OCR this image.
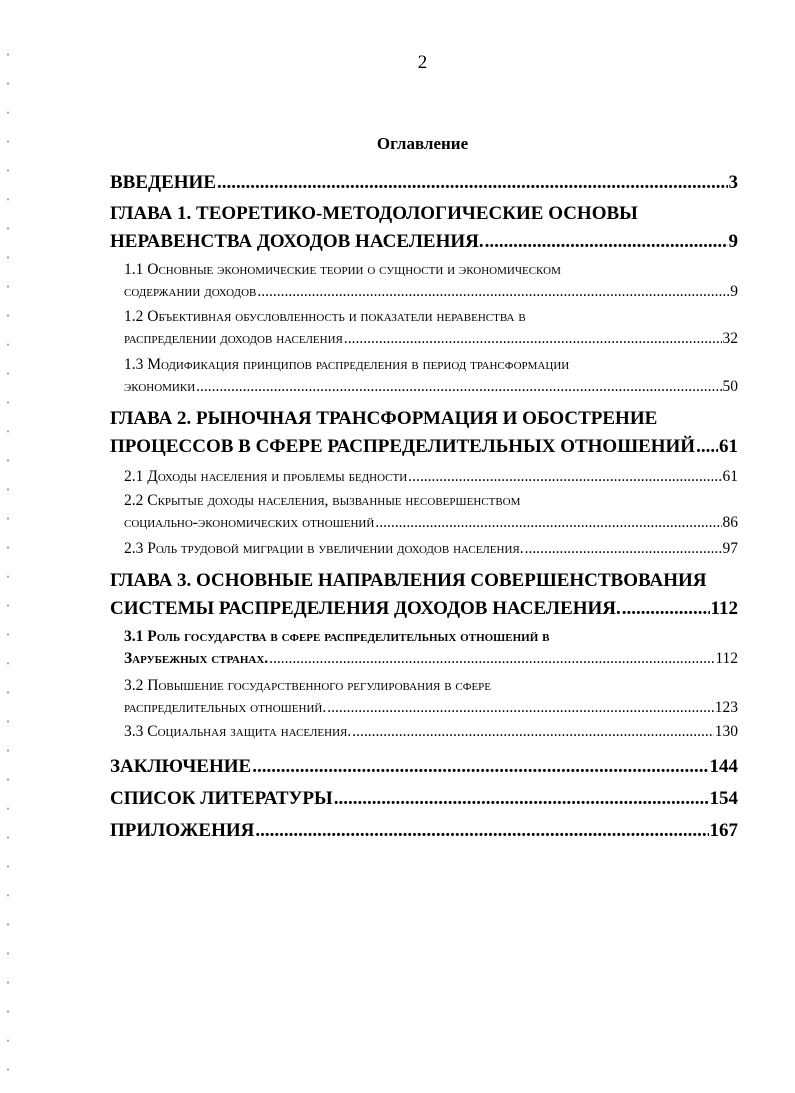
2
Оглавление
ВВЕДЕНИЕ .....	3
ГЛАВА 1. ТЕОРЕТИКО-МЕТОДОЛОГИЧЕСКИЕ ОСНОВЫ
НЕРАВЕНСТВА ДОХОДОВ НАСЕЛЕНИЯ. .....	9
1.1 Основные экономические теории о сущности и экономическом
содержании доходов .....	9
1.2 Объективная обусловленность и показатели неравенства в
распределении доходов населения .....	32
1.3 Модификация принципов распределения в период трансформации
экономики .....	50
ГЛАВА 2. РЫНОЧНАЯ ТРАНСФОРМАЦИЯ И ОБОСТРЕНИЕ
ПРОЦЕССОВ В СФЕРЕ РАСПРЕДЕЛИТЕЛЬНЫХ ОТНОШЕНИЙ ..... 61
2.1 Доходы населения и проблемы бедности .....	61
2.2 Скрытые доходы населения, вызванные несовершенством
социально-экономических отношений .....	86
2.3 Роль трудовой миграции в увеличении доходов населения. .....	97
ГЛАВА 3. ОСНОВНЫЕ НАПРАВЛЕНИЯ СОВЕРШЕНСТВОВАНИЯ
СИСТЕМЫ РАСПРЕДЕЛЕНИЯ ДОХОДОВ НАСЕЛЕНИЯ. .....	112
3.1 Роль государства в сфере распределительных отношений в
Зарубежных странах. .....	112
3.2 Повышение государственного регулирования в сфере
распределительных отношений. .....	123
3.3 Социальная защита населения. .....	130
ЗАКЛЮЧЕНИЕ .....	144
СПИСОК ЛИТЕРАТУРЫ .....	154
ПРИЛОЖЕНИЯ .....	167
